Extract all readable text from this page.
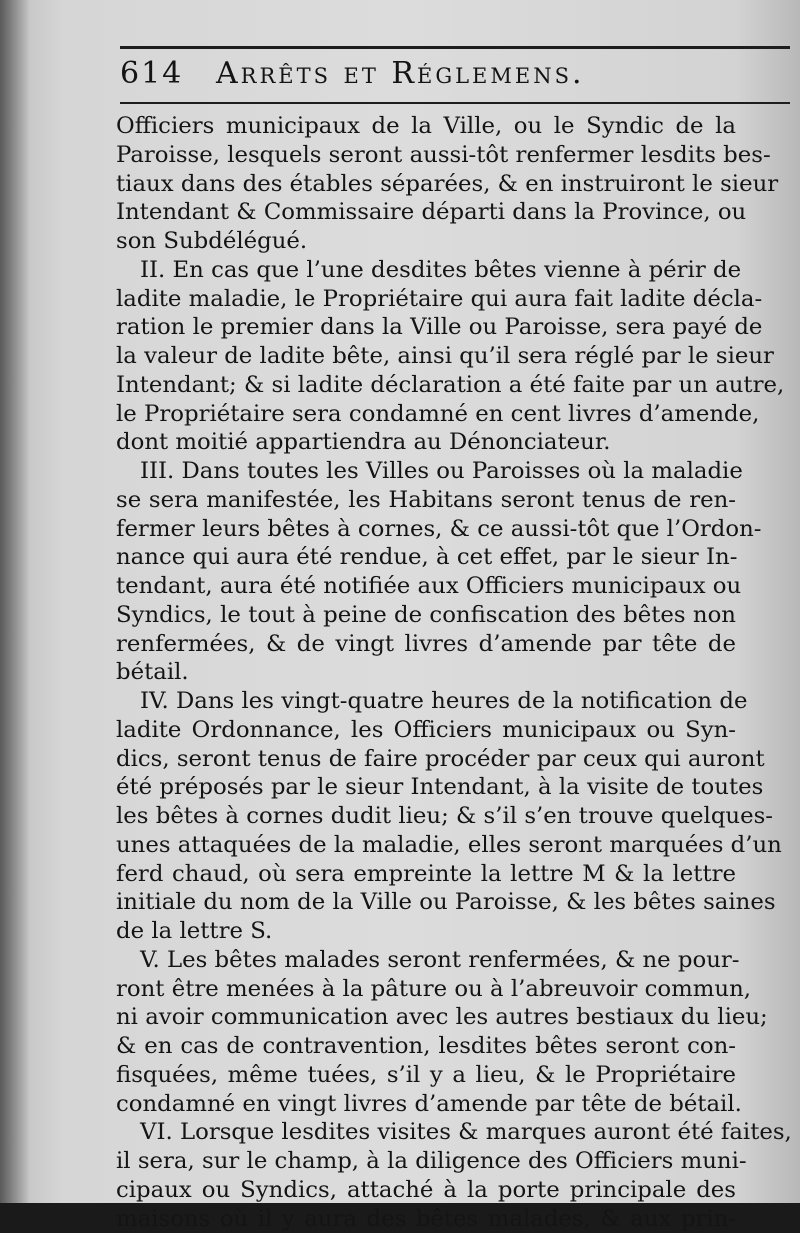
614 Arrêts et Réglemens.
Officiers municipaux de la Ville, ou le Syndic de la
Paroisse, lesquels seront aussi-tôt renfermer lesdits bes-
tiaux dans des étables séparées, & en instruiront le sieur
Intendant & Commissaire départi dans la Province, ou
son Subdélégué.
II. En cas que l’une desdites bêtes vienne à périr de
ladite maladie, le Propriétaire qui aura fait ladite décla-
ration le premier dans la Ville ou Paroisse, sera payé de
la valeur de ladite bête, ainsi qu’il sera réglé par le sieur
Intendant; & si ladite déclaration a été faite par un autre,
le Propriétaire sera condamné en cent livres d’amende,
dont moitié appartiendra au Dénonciateur.
III. Dans toutes les Villes ou Paroisses où la maladie
se sera manifestée, les Habitans seront tenus de ren-
fermer leurs bêtes à cornes, & ce aussi-tôt que l’Ordon-
nance qui aura été rendue, à cet effet, par le sieur In-
tendant, aura été notifiée aux Officiers municipaux ou
Syndics, le tout à peine de confiscation des bêtes non
renfermées, & de vingt livres d’amende par tête de
bétail.
IV. Dans les vingt-quatre heures de la notification de
ladite Ordonnance, les Officiers municipaux ou Syn-
dics, seront tenus de faire procéder par ceux qui auront
été préposés par le sieur Intendant, à la visite de toutes
les bêtes à cornes dudit lieu; & s’il s’en trouve quelques-
unes attaquées de la maladie, elles seront marquées d’un
ferd chaud, où sera empreinte la lettre M & la lettre
initiale du nom de la Ville ou Paroisse, & les bêtes saines
de la lettre S.
V. Les bêtes malades seront renfermées, & ne pour-
ront être menées à la pâture ou à l’abreuvoir commun,
ni avoir communication avec les autres bestiaux du lieu;
& en cas de contravention, lesdites bêtes seront con-
fisquées, même tuées, s’il y a lieu, & le Propriétaire
condamné en vingt livres d’amende par tête de bétail.
VI. Lorsque lesdites visites & marques auront été faites,
il sera, sur le champ, à la diligence des Officiers muni-
cipaux ou Syndics, attaché à la porte principale des
maisons où il y aura des bêtes malades, & aux prin-
